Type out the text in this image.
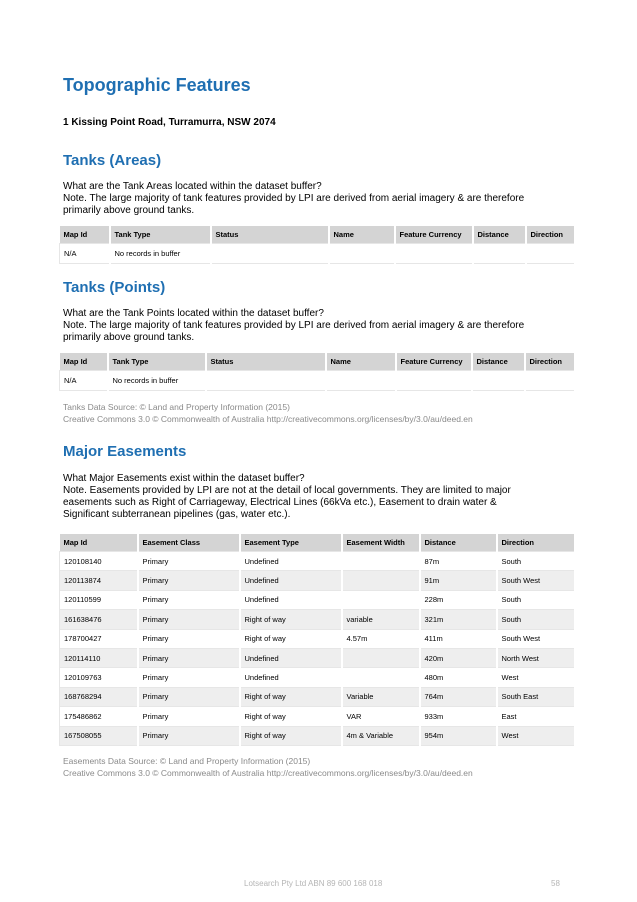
Topographic Features

1 Kissing Point Road, Turramurra, NSW 2074

Tanks (Areas)
What are the Tank Areas located within the dataset buffer?
Note. The large majority of tank features provided by LPI are derived from aerial imagery & are therefore
primarily above ground tanks.
Map Id	Tank Type	Status	Name	Feature Currency	Distance	Direction
N/A	No records in buffer					
Tanks (Points)
What are the Tank Points located within the dataset buffer?
Note. The large majority of tank features provided by LPI are derived from aerial imagery & are therefore
primarily above ground tanks.
Map Id	Tank Type	Status	Name	Feature Currency	Distance	Direction
N/A	No records in buffer					
Tanks Data Source: © Land and Property Information (2015)
Creative Commons 3.0 © Commonwealth of Australia http://creativecommons.org/licenses/by/3.0/au/deed.en
Major Easements
What Major Easements exist within the dataset buffer?
Note. Easements provided by LPI are not at the detail of local governments. They are limited to major
easements such as Right of Carriageway, Electrical Lines (66kVa etc.), Easement to drain water &
Significant subterranean pipelines (gas, water etc.).
Map Id	Easement Class	Easement Type	Easement Width	Distance	Direction
120108140	Primary	Undefined		87m	South
120113874	Primary	Undefined		91m	South West
120110599	Primary	Undefined		228m	South
161638476	Primary	Right of way	variable	321m	South
178700427	Primary	Right of way	4.57m	411m	South West
120114110	Primary	Undefined		420m	North West
120109763	Primary	Undefined		480m	West
168768294	Primary	Right of way	Variable	764m	South East
175486862	Primary	Right of way	VAR	933m	East
167508055	Primary	Right of way	4m & Variable	954m	West
Easements Data Source: © Land and Property Information (2015)
Creative Commons 3.0 © Commonwealth of Australia http://creativecommons.org/licenses/by/3.0/au/deed.en
Lotsearch Pty Ltd ABN 89 600 168 018	58
